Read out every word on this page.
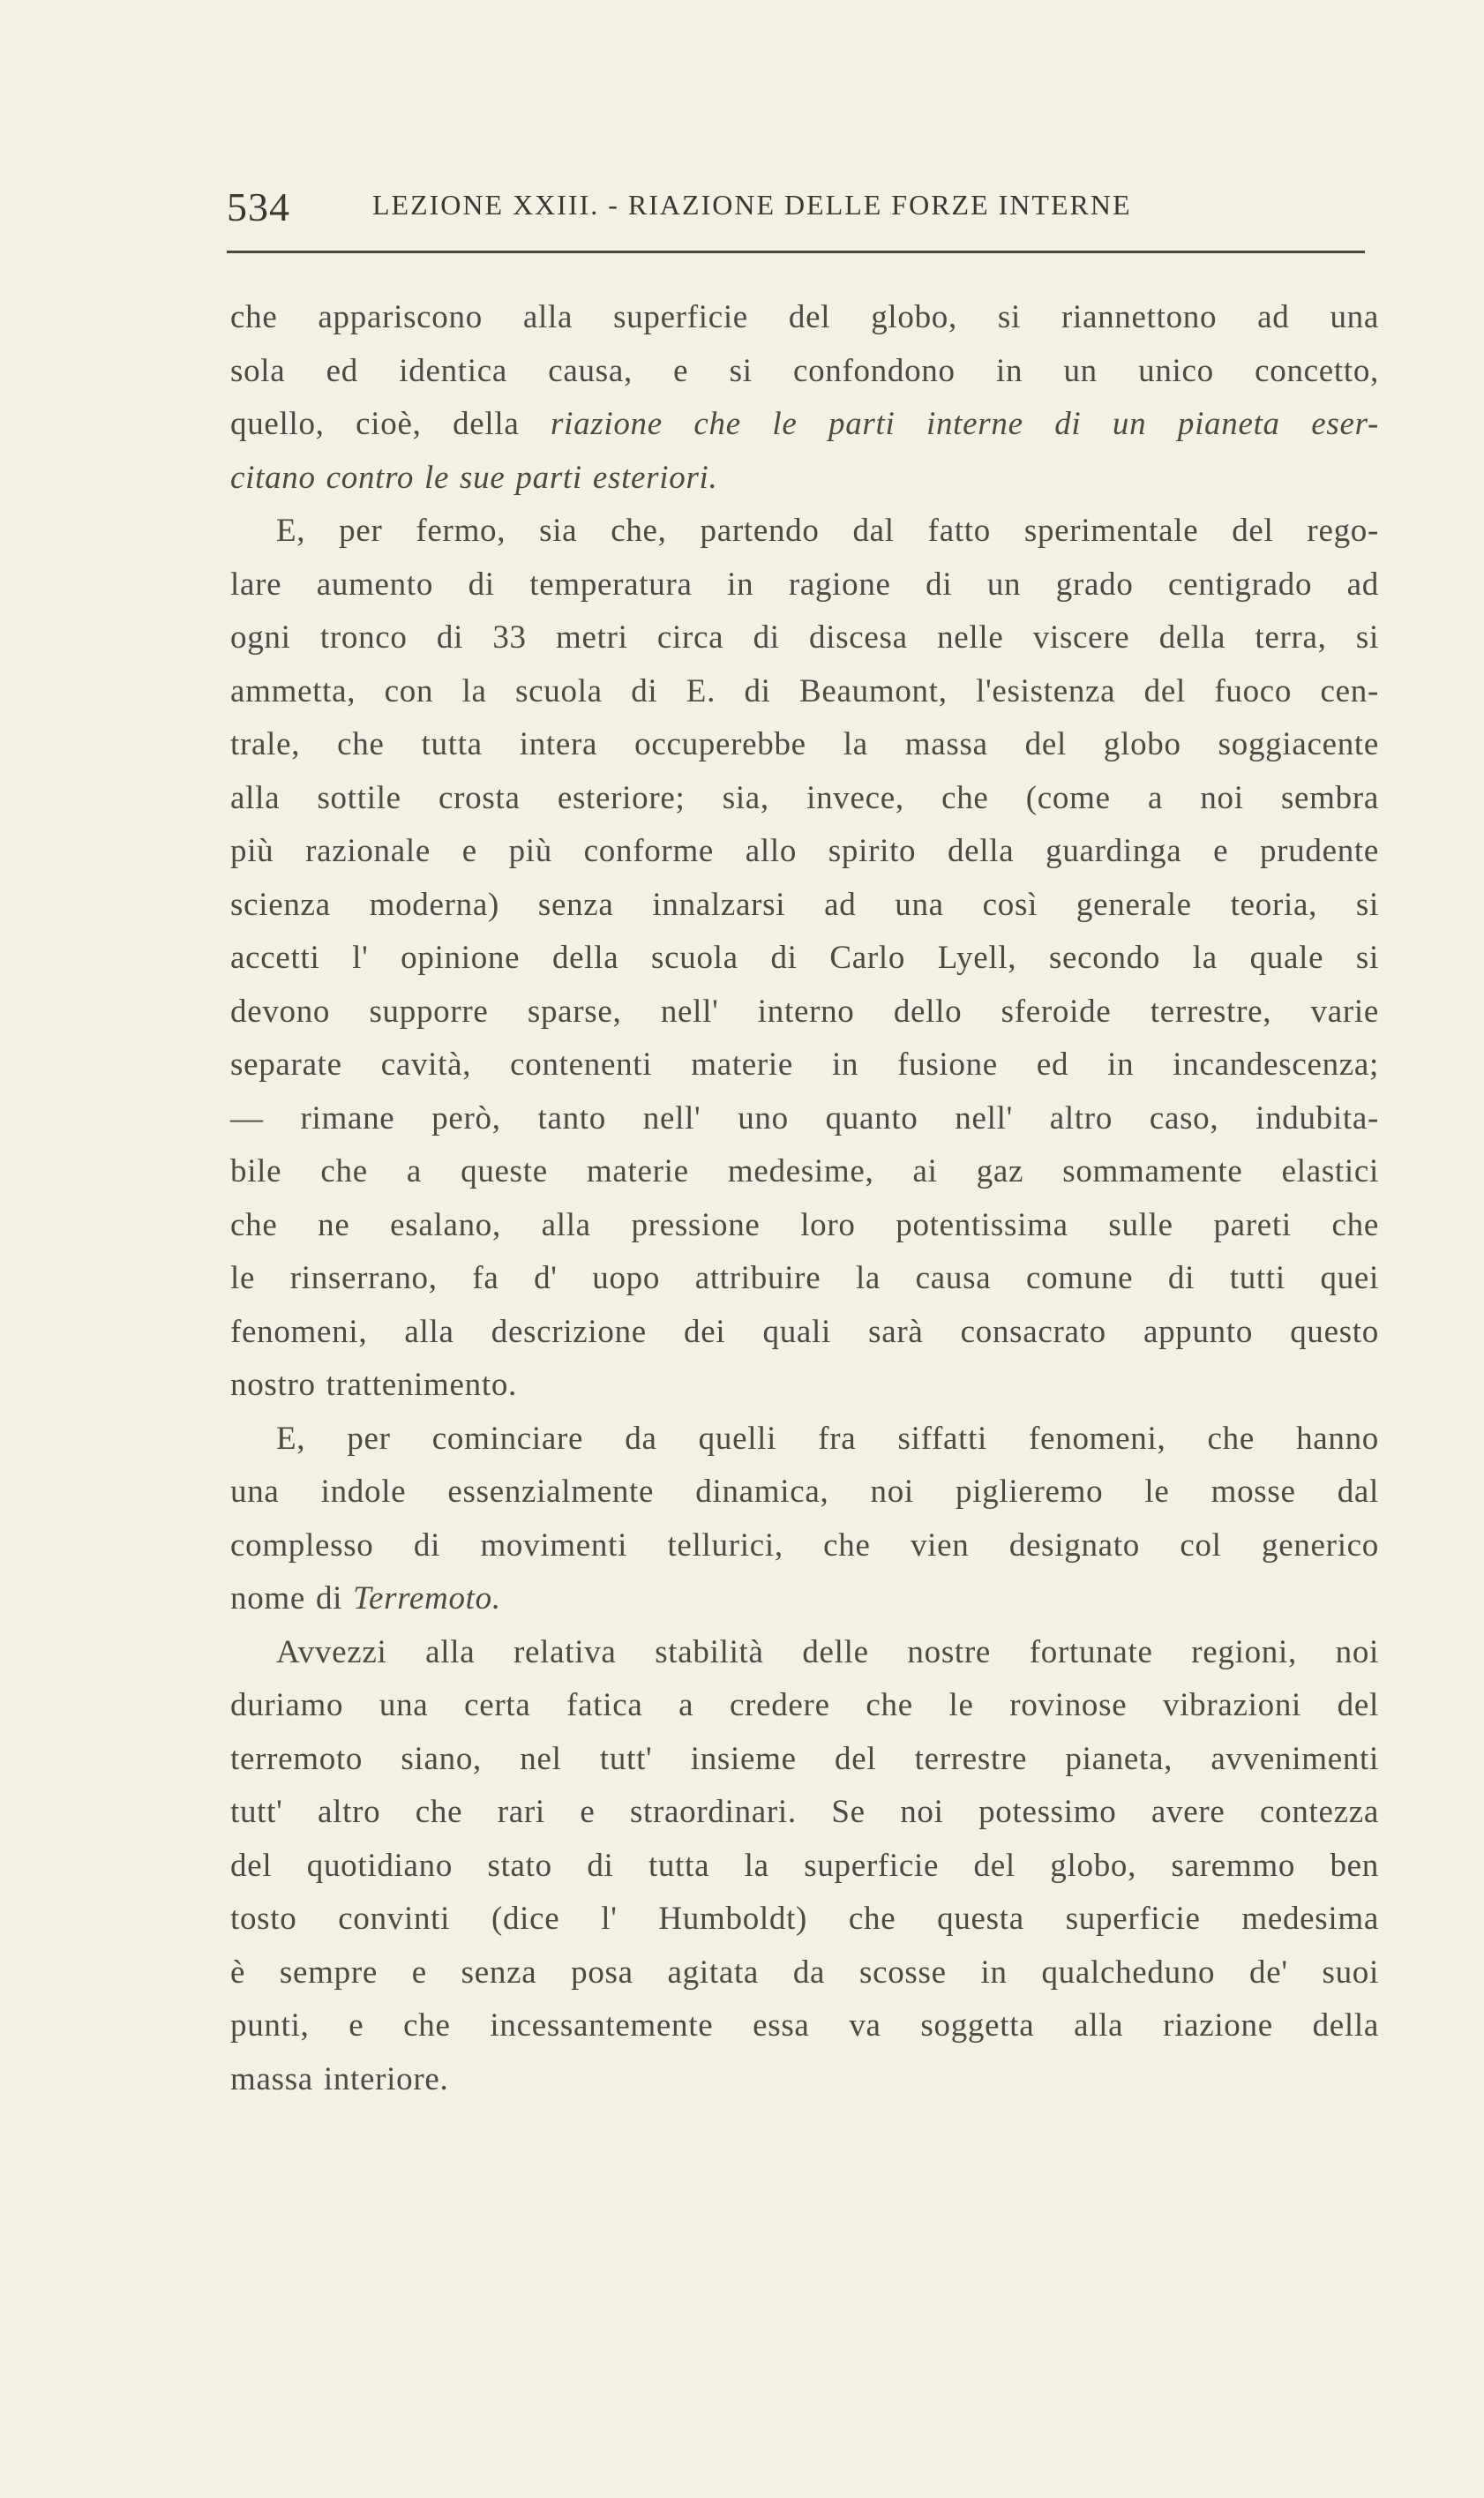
534	LEZIONE XXIII. - RIAZIONE DELLE FORZE INTERNE
che appariscono alla superficie del globo, si riannettono ad una
sola ed identica causa, e si confondono in un unico concetto,
quello, cioè, della riazione che le parti interne di un pianeta eser-
citano contro le sue parti esteriori.
E, per fermo, sia che, partendo dal fatto sperimentale del rego-
lare aumento di temperatura in ragione di un grado centigrado ad
ogni tronco di 33 metri circa di discesa nelle viscere della terra, si
ammetta, con la scuola di E. di Beaumont, l'esistenza del fuoco cen-
trale, che tutta intera occuperebbe la massa del globo soggiacente
alla sottile crosta esteriore; sia, invece, che (come a noi sembra
più razionale e più conforme allo spirito della guardinga e prudente
scienza moderna) senza innalzarsi ad una così generale teoria, si
accetti l' opinione della scuola di Carlo Lyell, secondo la quale si
devono supporre sparse, nell' interno dello sferoide terrestre, varie
separate cavità, contenenti materie in fusione ed in incandescenza;
— rimane però, tanto nell' uno quanto nell' altro caso, indubita-
bile che a queste materie medesime, ai gaz sommamente elastici
che ne esalano, alla pressione loro potentissima sulle pareti che
le rinserrano, fa d' uopo attribuire la causa comune di tutti quei
fenomeni, alla descrizione dei quali sarà consacrato appunto questo
nostro trattenimento.
E, per cominciare da quelli fra siffatti fenomeni, che hanno
una indole essenzialmente dinamica, noi piglieremo le mosse dal
complesso di movimenti tellurici, che vien designato col generico
nome di Terremoto.
Avvezzi alla relativa stabilità delle nostre fortunate regioni, noi
duriamo una certa fatica a credere che le rovinose vibrazioni del
terremoto siano, nel tutt' insieme del terrestre pianeta, avvenimenti
tutt' altro che rari e straordinari. Se noi potessimo avere contezza
del quotidiano stato di tutta la superficie del globo, saremmo ben
tosto convinti (dice l' Humboldt) che questa superficie medesima
è sempre e senza posa agitata da scosse in qualcheduno de' suoi
punti, e che incessantemente essa va soggetta alla riazione della
massa interiore.
